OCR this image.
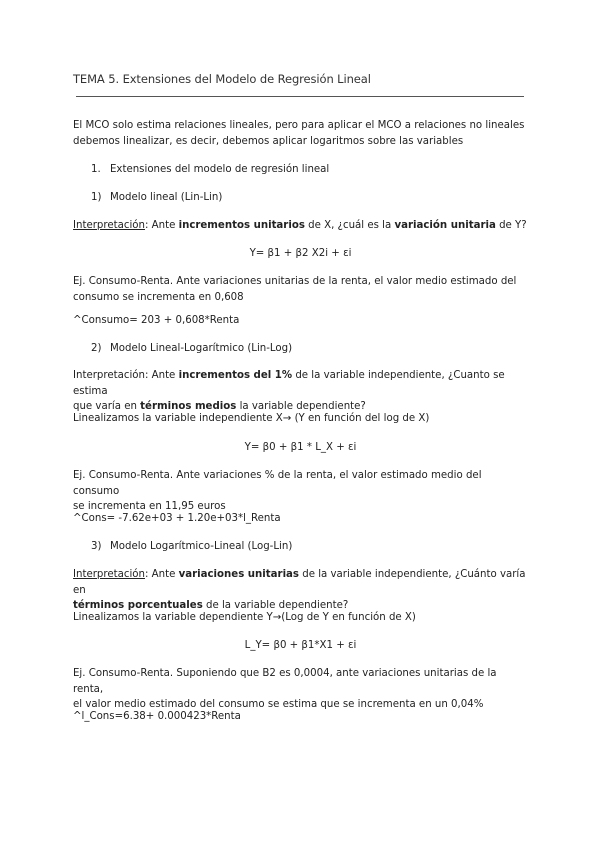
TEMA 5. Extensiones del Modelo de Regresión Lineal
El MCO solo estima relaciones lineales, pero para aplicar el MCO a relaciones no lineales
debemos linealizar, es decir, debemos aplicar logaritmos sobre las variables
1. Extensiones del modelo de regresión lineal
1) Modelo lineal (Lin-Lin)
Interpretación: Ante incrementos unitarios de X, ¿cuál es la variación unitaria de Y?
Y= β1 + β2 X2i + εi
Ej. Consumo-Renta. Ante variaciones unitarias de la renta, el valor medio estimado del
consumo se incrementa en 0,608
^Consumo= 203 + 0,608*Renta
2) Modelo Lineal-Logarítmico (Lin-Log)
Interpretación: Ante incrementos del 1% de la variable independiente, ¿Cuanto se estima
que varía en términos medios la variable dependiente?
Linealizamos la variable independiente X→ (Y en función del log de X)
Y= β0 + β1 * L_X + εi
Ej. Consumo-Renta. Ante variaciones % de la renta, el valor estimado medio del consumo
se incrementa en 11,95 euros
^Cons= -7.62e+03 + 1.20e+03*l_Renta
3) Modelo Logarítmico-Lineal (Log-Lin)
Interpretación: Ante variaciones unitarias de la variable independiente, ¿Cuánto varía en
términos porcentuales de la variable dependiente?
Linealizamos la variable dependiente Y→(Log de Y en función de X)
L_Y= β0 + β1*X1 + εi
Ej. Consumo-Renta. Suponiendo que B2 es 0,0004, ante variaciones unitarias de la renta,
el valor medio estimado del consumo se estima que se incrementa en un 0,04%
^l_Cons=6.38+ 0.000423*Renta
